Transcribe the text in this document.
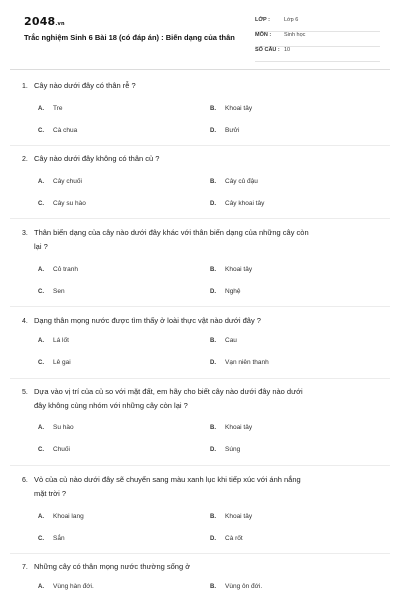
2048.vn
Trắc nghiệm Sinh 6 Bài 18 (có đáp án) : Biến dạng của thân
LỚP :	Lớp 6
MÔN : Sinh học
SỐ CÂU : 10
1. Cây nào dưới đây có thân rễ ?
A. Tre	B. Khoai tây
C. Cà chua	D. Bưởi
2. Cây nào dưới đây không có thân củ ?
A. Cây chuối	B. Cây củ đậu
C. Cây su hào	D. Cây khoai tây
3. Thân biến dạng của cây nào dưới đây khác với thân biến dạng của những cây còn
lại ?
A. Cỏ tranh	B. Khoai tây
C. Sen	D. Nghệ
4. Dạng thân mọng nước được tìm thấy ở loài thực vật nào dưới đây ?
A. Lá lốt	B. Cau
C. Lê gai	D. Vạn niên thanh
5. Dựa vào vị trí của củ so với mặt đất, em hãy cho biết cây nào dưới đây nào dưới
đây không cùng nhóm với những cây còn lại ?
A. Su hào	B. Khoai tây
C. Chuối	D. Súng
6. Vỏ của củ nào dưới đây sẽ chuyển sang màu xanh lục khi tiếp xúc với ánh nắng
mặt trời ?
A. Khoai lang	B. Khoai tây
C. Sắn	D. Cà rốt
7. Những cây có thân mọng nước thường sống ở
A. Vùng hàn đới.	B. Vùng ôn đới.
